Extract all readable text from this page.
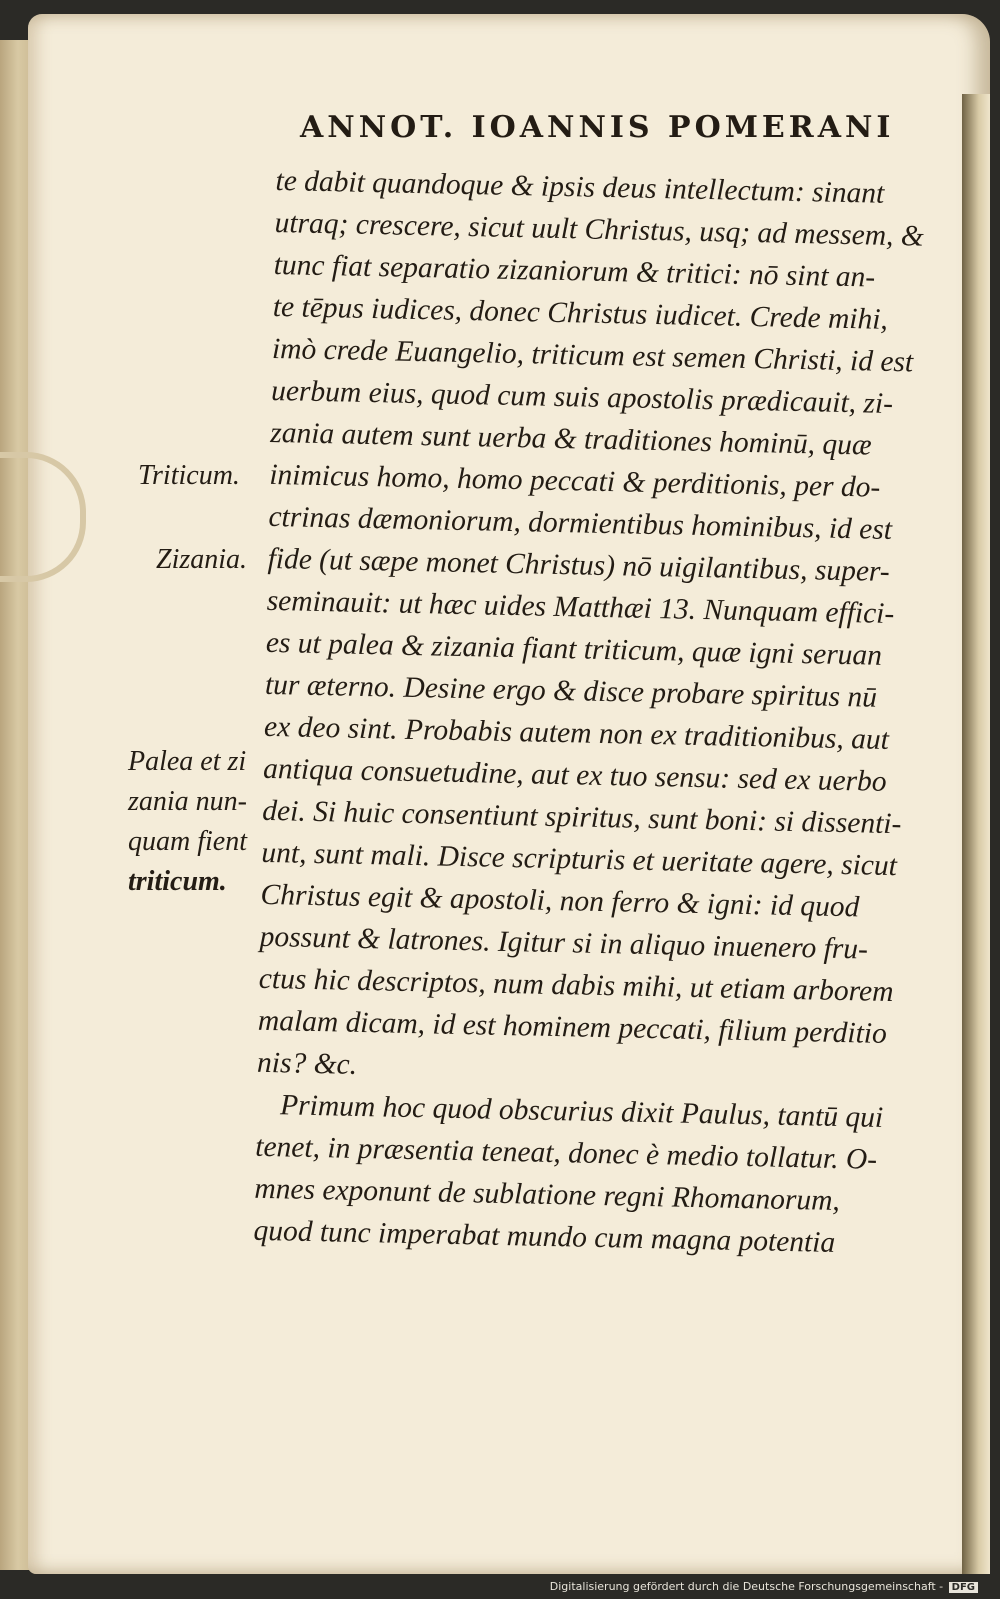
ANNOT. IOANNIS POMERANI
Triticum.
Zizania.
Palea et zi
zania nun-
quam fient
triticum.
te dabit quandoque & ipsis deus intellectum: sinant
utraq; crescere, sicut uult Christus, usq; ad messem, &
tunc fiat separatio zizaniorum & tritici: nō sint an-
te tēpus iudices, donec Christus iudicet. Crede mihi,
imò crede Euangelio, triticum est semen Christi, id est
uerbum eius, quod cum suis apostolis prædicauit, zi-
zania autem sunt uerba & traditiones hominū, quæ
inimicus homo, homo peccati & perditionis, per do-
ctrinas dæmoniorum, dormientibus hominibus, id est
fide (ut sæpe monet Christus) nō uigilantibus, super-
seminauit: ut hæc uides Matthæi 13. Nunquam effici-
es ut palea & zizania fiant triticum, quæ igni seruan
tur æterno. Desine ergo & disce probare spiritus nū
ex deo sint. Probabis autem non ex traditionibus, aut
antiqua consuetudine, aut ex tuo sensu: sed ex uerbo
dei. Si huic consentiunt spiritus, sunt boni: si dissenti-
unt, sunt mali. Disce scripturis et ueritate agere, sicut
Christus egit & apostoli, non ferro & igni: id quod
possunt & latrones. Igitur si in aliquo inuenero fru-
ctus hic descriptos, num dabis mihi, ut etiam arborem
malam dicam, id est hominem peccati, filium perditio
nis? &c.
Primum hoc quod obscurius dixit Paulus, tantū qui
tenet, in præsentia teneat, donec è medio tollatur. O-
mnes exponunt de sublatione regni Rhomanorum,
quod tunc imperabat mundo cum magna potentia
Digitalisierung gefördert durch die Deutsche Forschungsgemeinschaft - DFG
